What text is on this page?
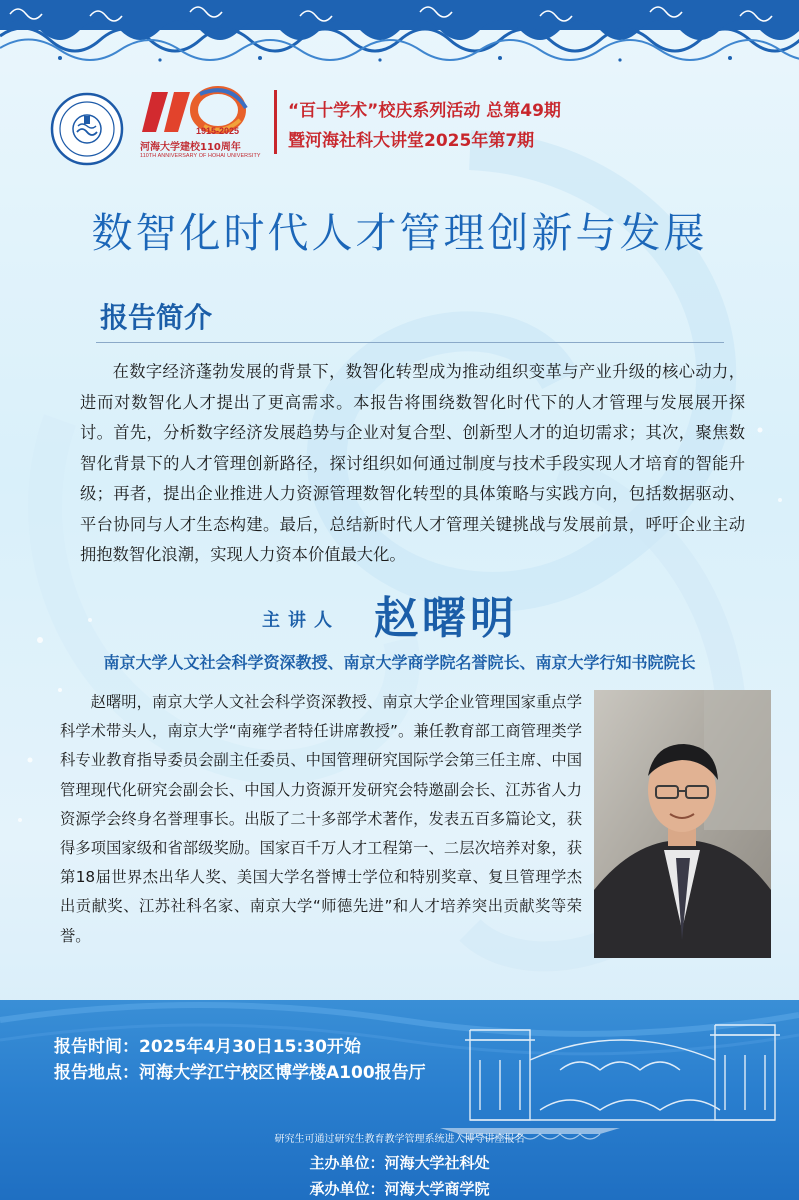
1915-2025
河海大学建校110周年
110TH ANNIVERSARY OF HOHAI UNIVERSITY
“百十学术”校庆系列活动 总第49期
暨河海社科大讲堂2025年第7期
数智化时代人才管理创新与发展
报告简介

在数字经济蓬勃发展的背景下，数智化转型成为推动组织变革与产业升级的核心动力，进而对数智化人才提出了更高需求。本报告将围绕数智化时代下的人才管理与发展展开探讨。首先，分析数字经济发展趋势与企业对复合型、创新型人才的迫切需求；其次，聚焦数智化背景下的人才管理创新路径，探讨组织如何通过制度与技术手段实现人才培育的智能升级；再者，提出企业推进人力资源管理数智化转型的具体策略与实践方向，包括数据驱动、平台协同与人才生态构建。最后，总结新时代人才管理关键挑战与发展前景，呼吁企业主动拥抱数智化浪潮，实现人力资本价值最大化。

主讲人 赵曙明
南京大学人文社会科学资深教授、南京大学商学院名誉院长、南京大学行知书院院长

赵曙明，南京大学人文社会科学资深教授、南京大学企业管理国家重点学科学术带头人，南京大学“南雍学者特任讲席教授”。兼任教育部工商管理类学科专业教育指导委员会副主任委员、中国管理研究国际学会第三任主席、中国管理现代化研究会副会长、中国人力资源开发研究会特邀副会长、江苏省人力资源学会终身名誉理事长。出版了二十多部学术著作，发表五百多篇论文，获得多项国家级和省部级奖励。国家百千万人才工程第一、二层次培养对象，获第18届世界杰出华人奖、美国大学名誉博士学位和特别奖章、复旦管理学杰出贡献奖、江苏社科名家、南京大学“师德先进”和人才培养突出贡献奖等荣誉。

报告时间：2025年4月30日15:30开始
报告地点：河海大学江宁校区博学楼A100报告厅
研究生可通过研究生教育教学管理系统进入博导讲座报名
主办单位：河海大学社科处
承办单位：河海大学商学院
